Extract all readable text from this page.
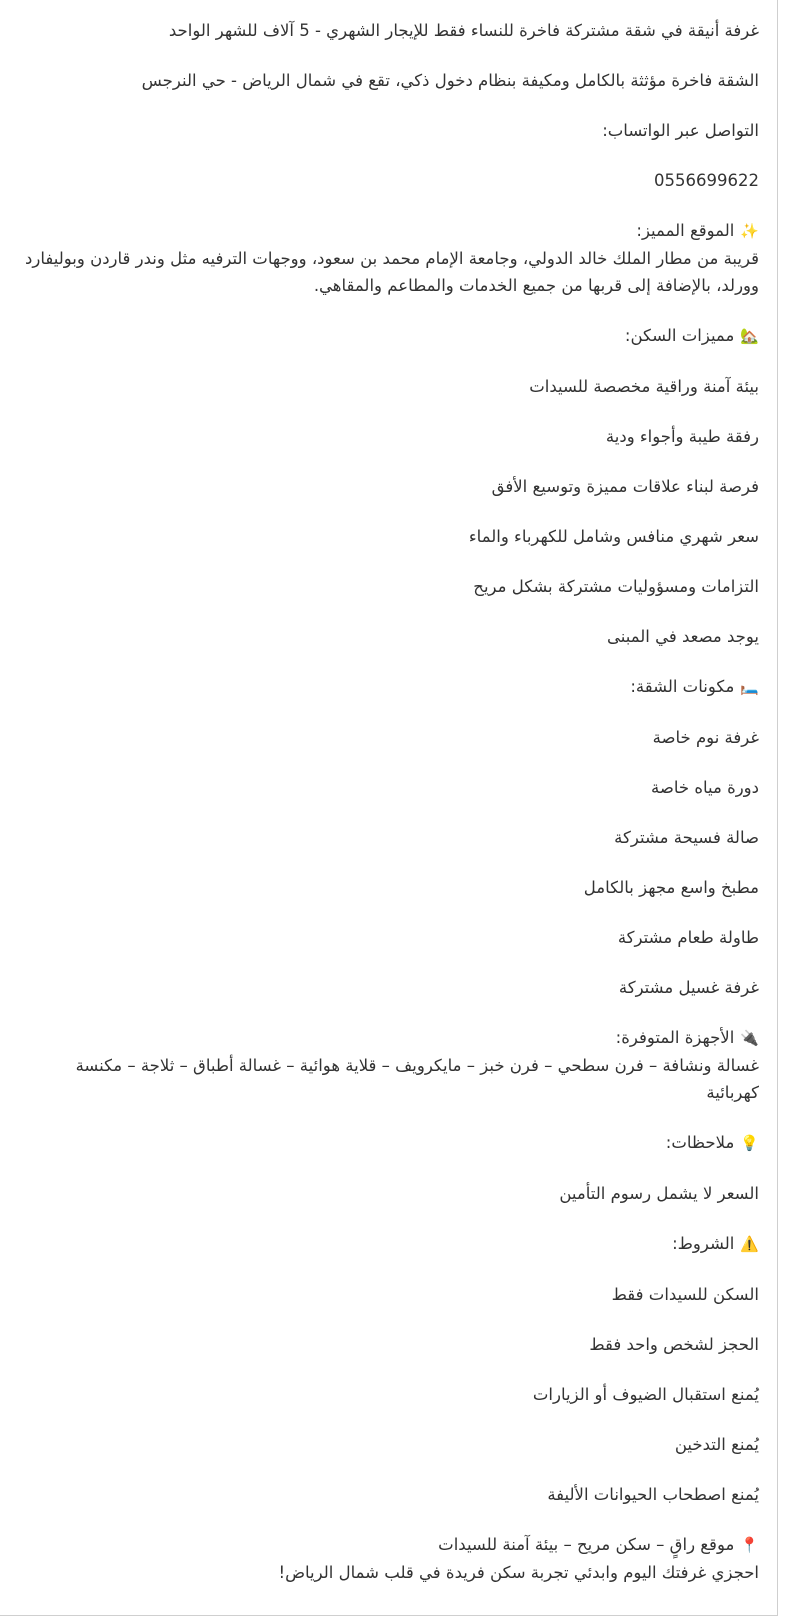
غرفة أنيقة في شقة مشتركة فاخرة للنساء فقط للإيجار الشهري - 5 آلاف للشهر الواحد

الشقة فاخرة مؤثثة بالكامل ومكيفة بنظام دخول ذكي، تقع في شمال الرياض - حي النرجس

التواصل عبر الواتساب:

0556699622

✨الموقع المميز:
قريبة من مطار الملك خالد الدولي، وجامعة الإمام محمد بن سعود، ووجهات الترفيه مثل وندر قاردن وبوليفارد وورلد، بالإضافة إلى قربها من جميع الخدمات والمطاعم والمقاهي.

🏡مميزات السكن:

بيئة آمنة وراقية مخصصة للسيدات

رفقة طيبة وأجواء ودية

فرصة لبناء علاقات مميزة وتوسيع الأفق

سعر شهري منافس وشامل للكهرباء والماء

التزامات ومسؤوليات مشتركة بشكل مريح

يوجد مصعد في المبنى

🛏️مكونات الشقة:

غرفة نوم خاصة

دورة مياه خاصة

صالة فسيحة مشتركة

مطبخ واسع مجهز بالكامل

طاولة طعام مشتركة

غرفة غسيل مشتركة

🔌الأجهزة المتوفرة:
غسالة ونشافة – فرن سطحي – فرن خبز – مايكرويف – قلاية هوائية – غسالة أطباق – ثلاجة – مكنسة كهربائية

💡ملاحظات:

السعر لا يشمل رسوم التأمين

⚠️الشروط:

السكن للسيدات فقط

الحجز لشخص واحد فقط

يُمنع استقبال الضيوف أو الزيارات

يُمنع التدخين

يُمنع اصطحاب الحيوانات الأليفة

📍موقع راقٍ – سكن مريح – بيئة آمنة للسيدات
احجزي غرفتك اليوم وابدئي تجربة سكن فريدة في قلب شمال الرياض!
